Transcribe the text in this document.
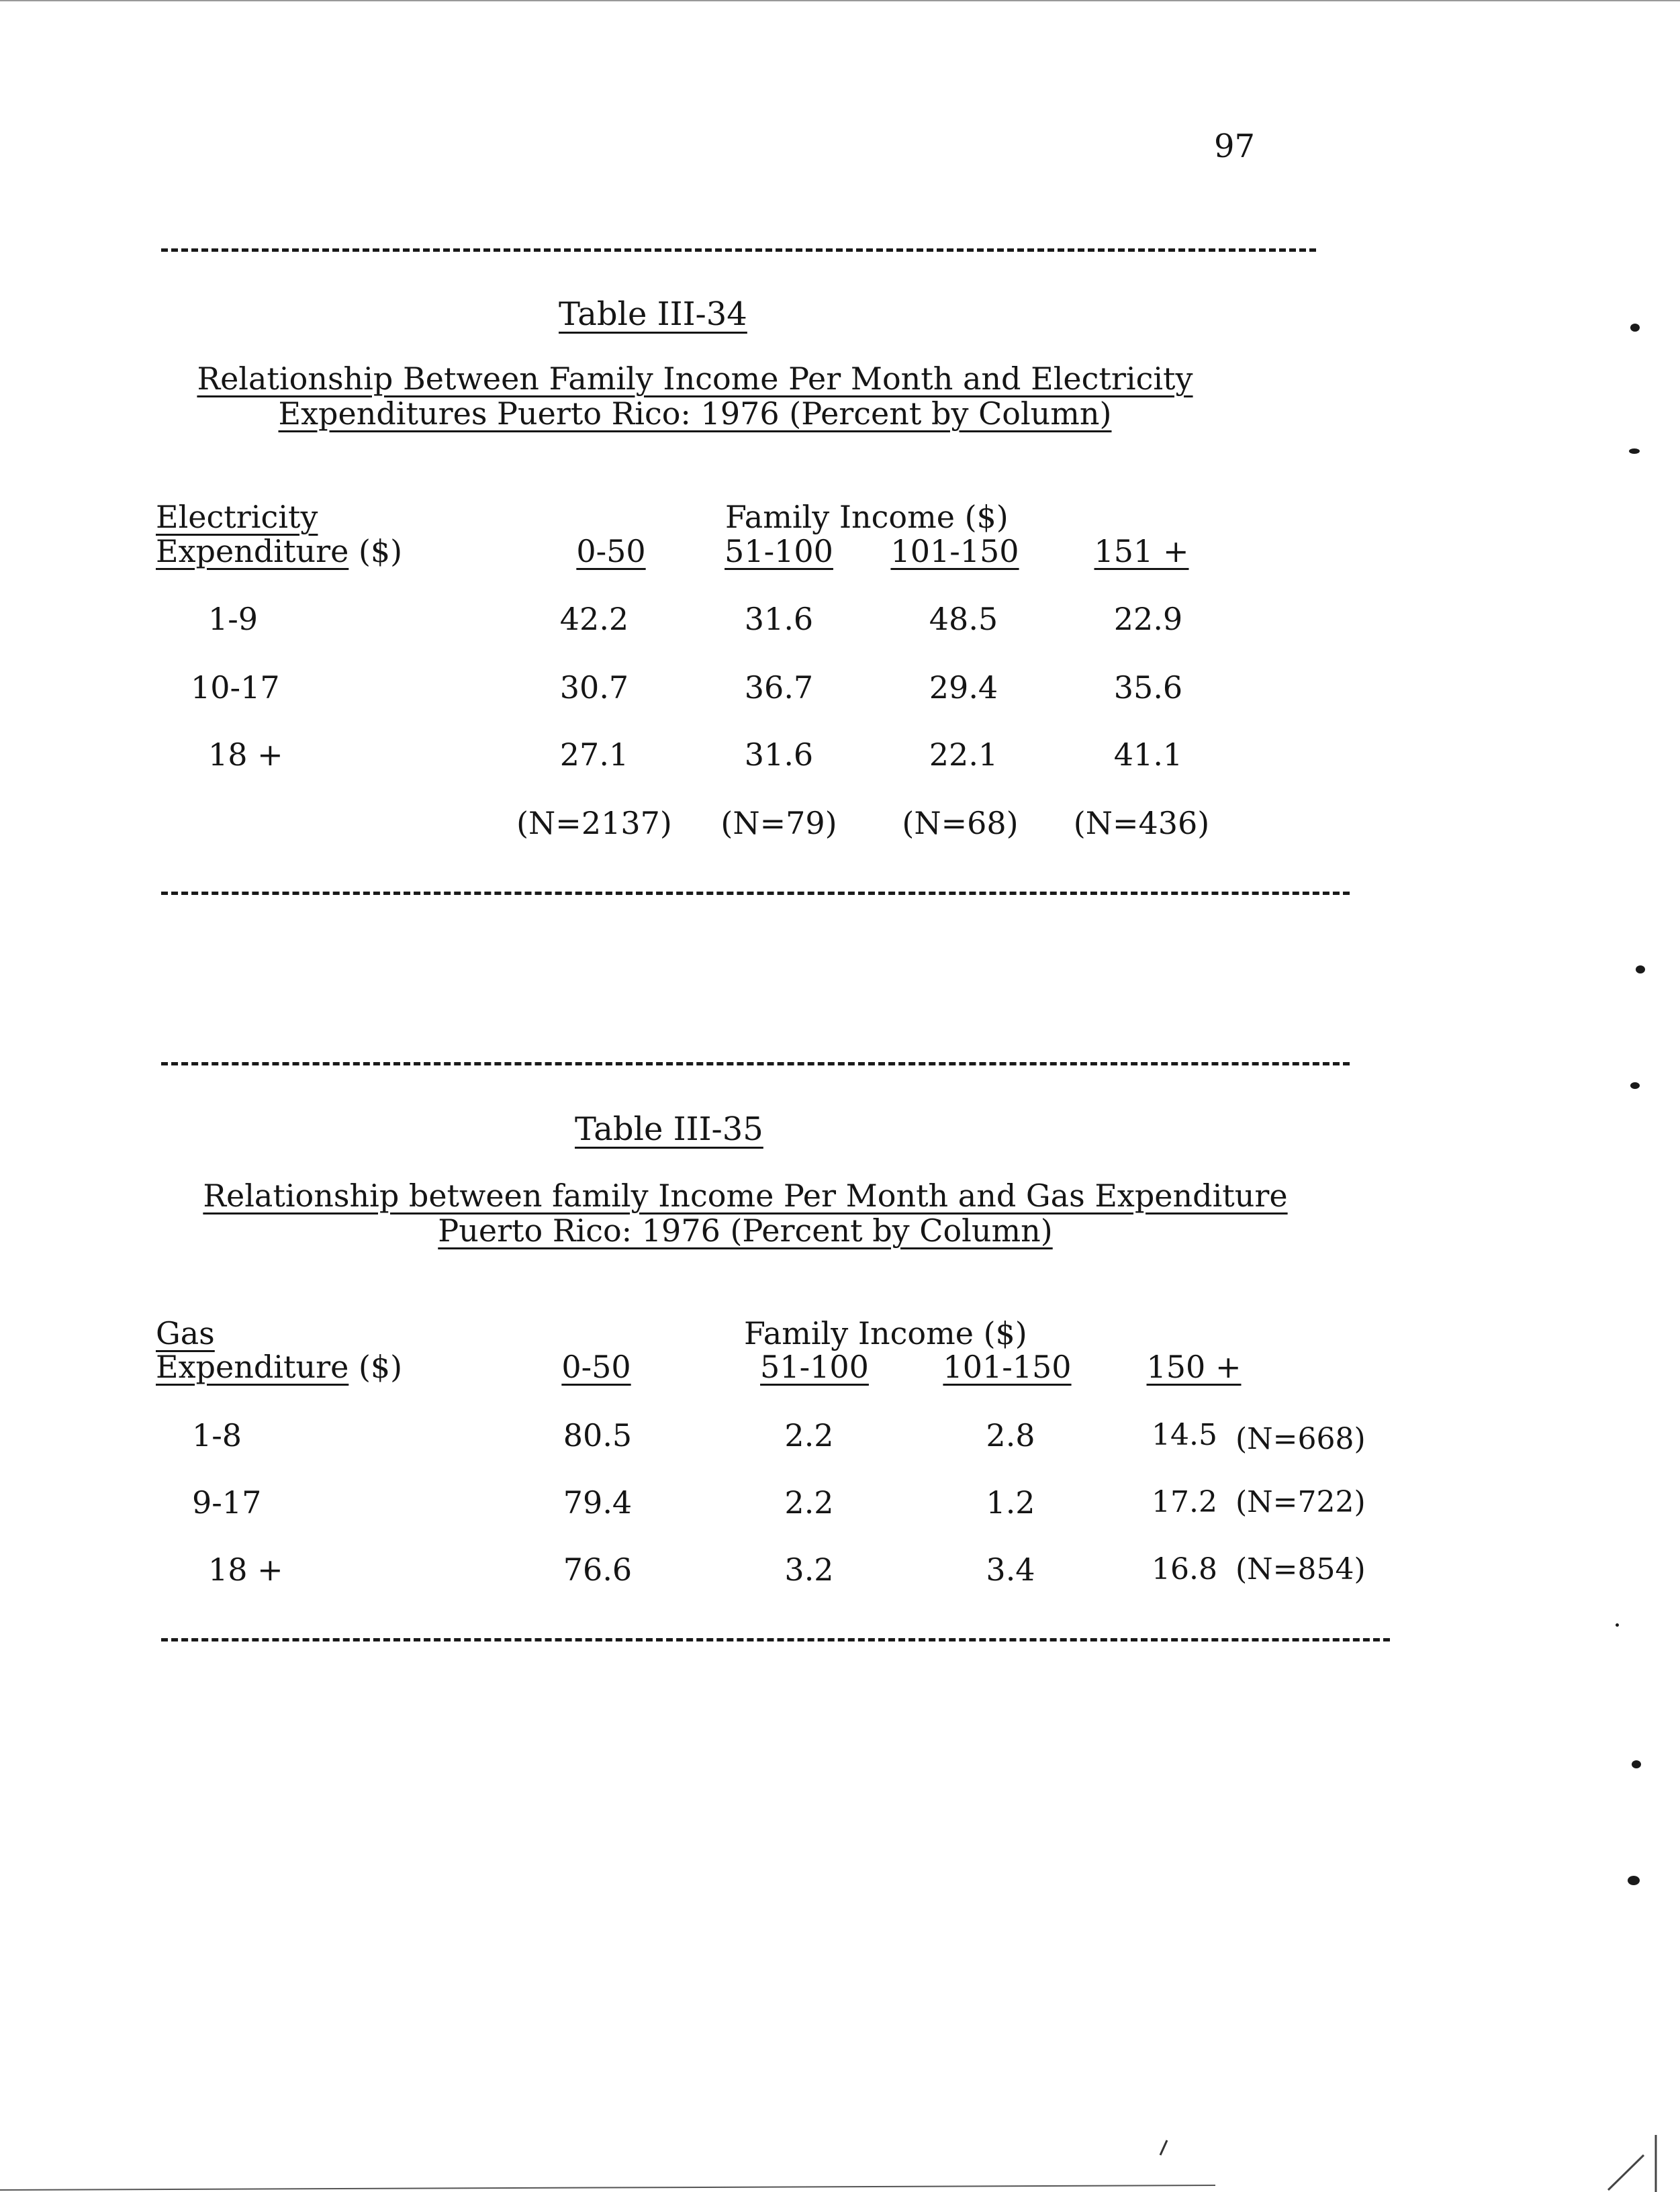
97
Table III-34
Relationship Between Family Income Per Month and Electricity
Expenditures Puerto Rico: 1976 (Percent by Column)
Electricity
Expenditure ($)
Family Income ($)
0-50	51-100	101-150	151 +
1-9	42.2	31.6	48.5	22.9
10-17	30.7	36.7	29.4	35.6
18 +	27.1	31.6	22.1	41.1
(N=2137)	(N=79)	(N=68)	(N=436)
Table III-35
Relationship between family Income Per Month and Gas Expenditure
Puerto Rico: 1976 (Percent by Column)
Gas
Expenditure ($)
Family Income ($)
0-50	51-100	101-150	150 +
1-8	80.5	2.2	2.8	14.5 (N=668)
9-17	79.4	2.2	1.2	17.2 (N=722)
18 +	76.6	3.2	3.4	16.8 (N=854)
